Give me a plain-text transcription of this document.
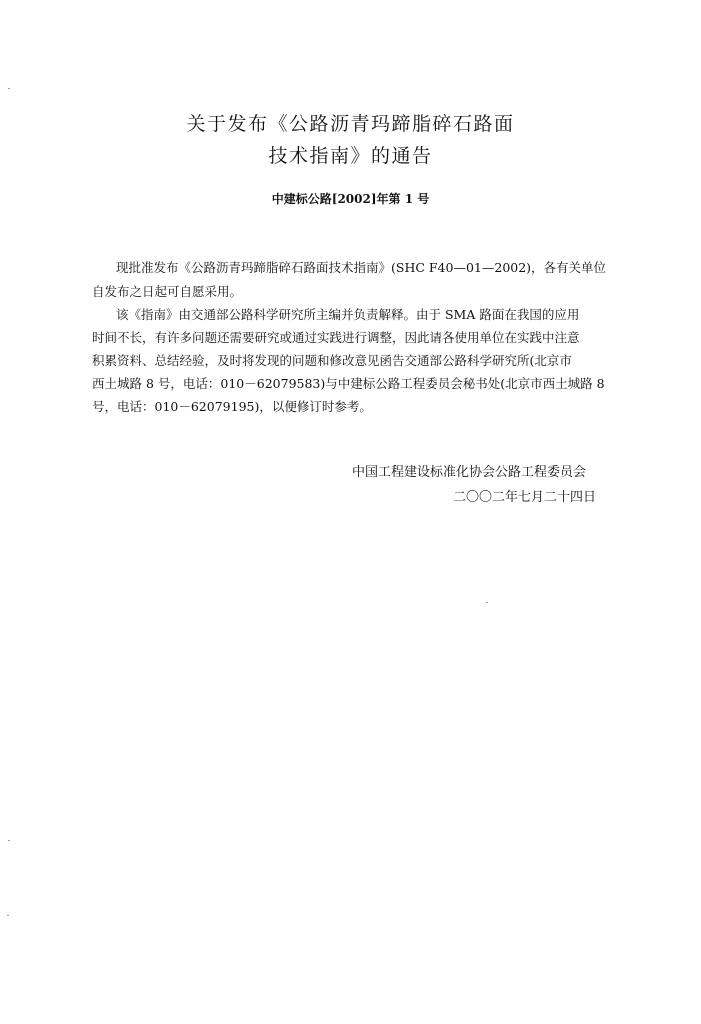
关于发布《公路沥青玛蹄脂碎石路面
技术指南》的通告
中建标公路[2002]年第 1 号
现批准发布《公路沥青玛蹄脂碎石路面技术指南》(SHC F40—01—2002)，各有关单位
自发布之日起可自愿采用。
该《指南》由交通部公路科学研究所主编并负责解释。由于 SMA 路面在我国的应用
时间不长，有许多问题还需要研究或通过实践进行调整，因此请各使用单位在实践中注意
积累资料、总结经验，及时将发现的问题和修改意见函告交通部公路科学研究所(北京市
西土城路 8 号，电话：010－62079583)与中建标公路工程委员会秘书处(北京市西土城路 8
号，电话：010－62079195)，以便修订时参考。
中国工程建设标准化协会公路工程委员会
二〇〇二年七月二十四日
